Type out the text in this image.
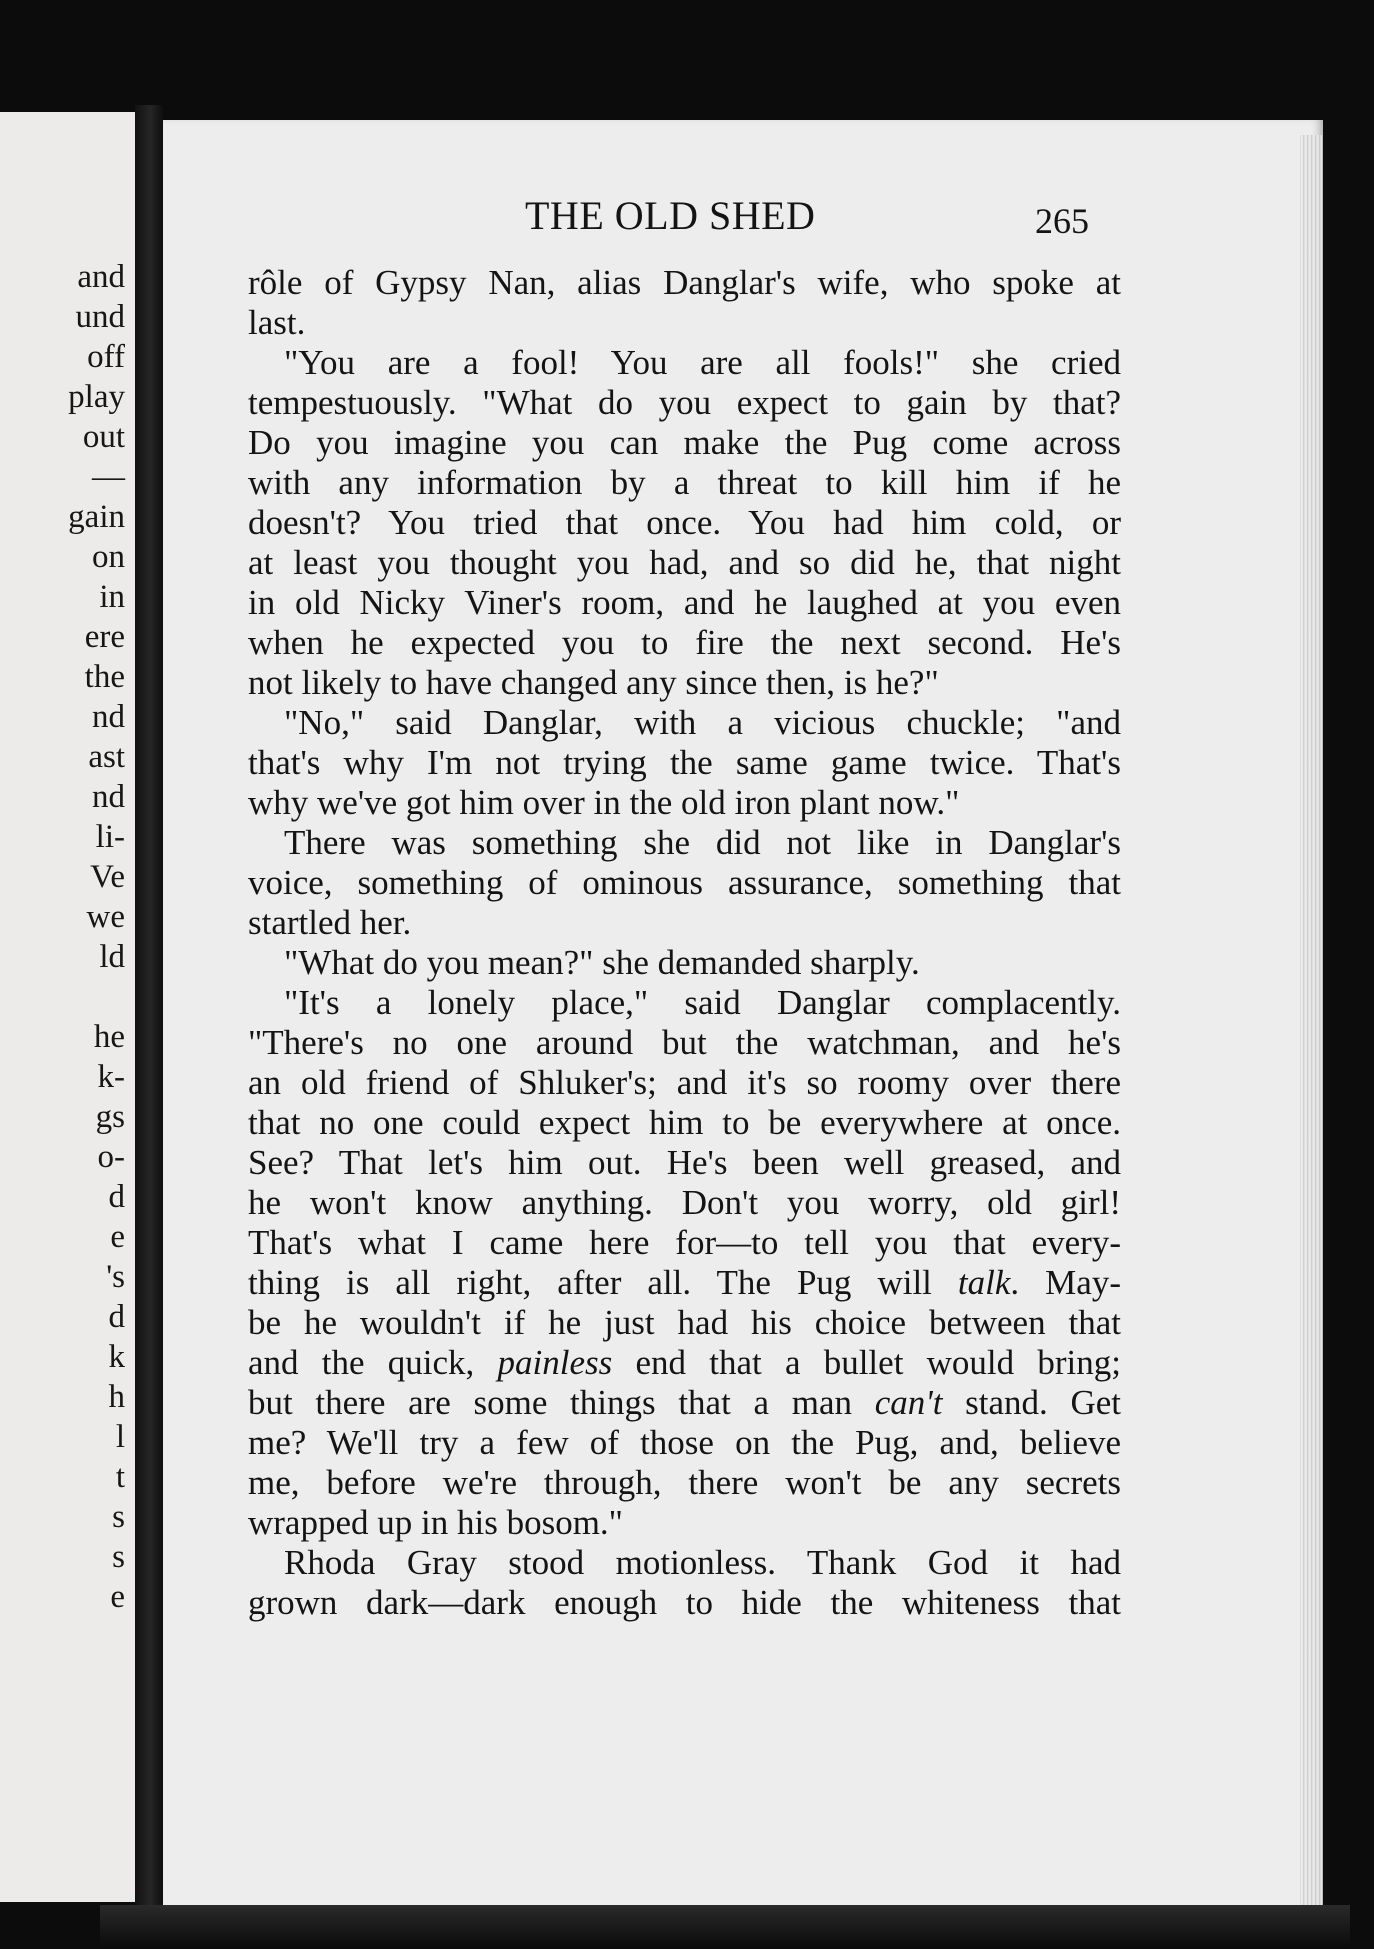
and

und

off

play

out

—

gain

on

in

ere

the

nd

ast

nd

li-

Ve

we

ld

he

k-

gs

o-

d

e

's

d

k

h

l

t

s

s

e

THE OLD SHED	265
rôle of Gypsy Nan, alias Danglar's wife, who spoke at
last.
"You are a fool! You are all fools!" she cried
tempestuously. "What do you expect to gain by that?
Do you imagine you can make the Pug come across
with any information by a threat to kill him if he
doesn't? You tried that once. You had him cold, or
at least you thought you had, and so did he, that night
in old Nicky Viner's room, and he laughed at you even
when he expected you to fire the next second. He's
not likely to have changed any since then, is he?"
"No," said Danglar, with a vicious chuckle; "and
that's why I'm not trying the same game twice. That's
why we've got him over in the old iron plant now."
There was something she did not like in Danglar's
voice, something of ominous assurance, something that
startled her.
"What do you mean?" she demanded sharply.
"It's a lonely place," said Danglar complacently.
"There's no one around but the watchman, and he's
an old friend of Shluker's; and it's so roomy over there
that no one could expect him to be everywhere at once.
See? That let's him out. He's been well greased, and
he won't know anything. Don't you worry, old girl!
That's what I came here for—to tell you that every-
thing is all right, after all. The Pug will talk. May-
be he wouldn't if he just had his choice between that
and the quick, painless end that a bullet would bring;
but there are some things that a man can't stand. Get
me? We'll try a few of those on the Pug, and, believe
me, before we're through, there won't be any secrets
wrapped up in his bosom."
Rhoda Gray stood motionless. Thank God it had
grown dark—dark enough to hide the whiteness that
